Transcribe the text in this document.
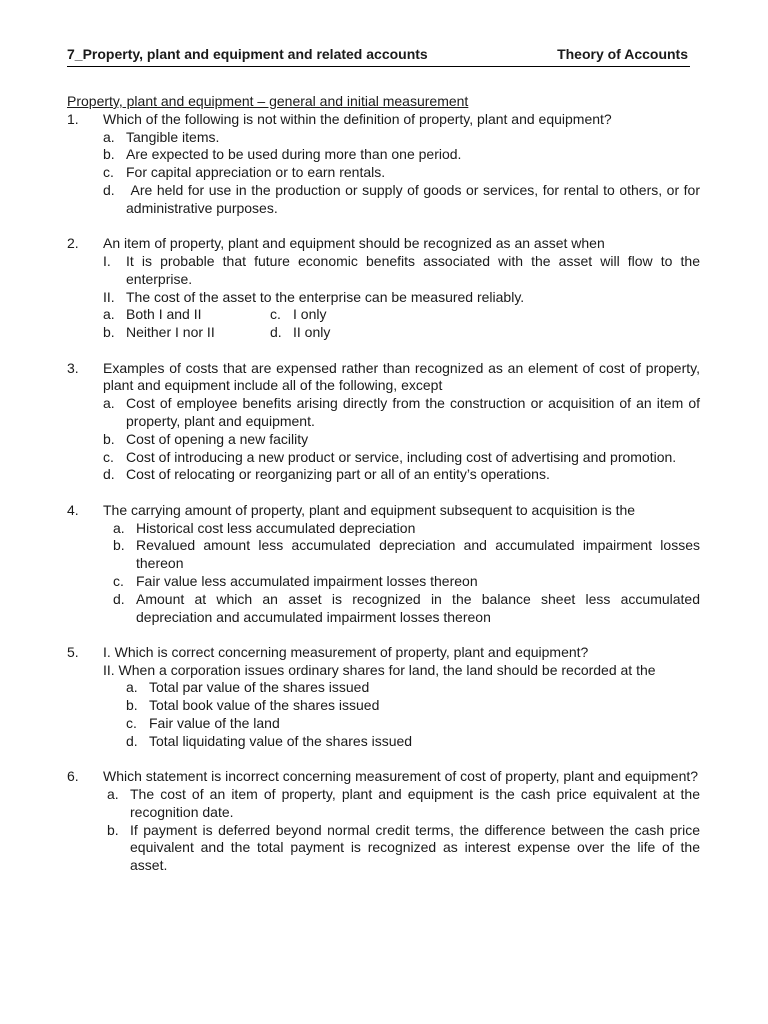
7_Property, plant and equipment and related accounts	Theory of Accounts
Property, plant and equipment – general and initial measurement
1.	Which of the following is not within the definition of property, plant and equipment?
a. Tangible items.
b. Are expected to be used during more than one period.
c. For capital appreciation or to earn rentals.
d. Are held for use in the production or supply of goods or services, for rental to others, or for administrative purposes.
2.	An item of property, plant and equipment should be recognized as an asset when
I.	It is probable that future economic benefits associated with the asset will flow to the enterprise.
II. The cost of the asset to the enterprise can be measured reliably.
a. Both I and II	c. I only
b. Neither I nor II	d. II only
3.	Examples of costs that are expensed rather than recognized as an element of cost of property, plant and equipment include all of the following, except
a. Cost of employee benefits arising directly from the construction or acquisition of an item of property, plant and equipment.
b. Cost of opening a new facility
c. Cost of introducing a new product or service, including cost of advertising and promotion.
d. Cost of relocating or reorganizing part or all of an entity’s operations.
4.	The carrying amount of property, plant and equipment subsequent to acquisition is the
a. Historical cost less accumulated depreciation
b. Revalued amount less accumulated depreciation and accumulated impairment losses thereon
c. Fair value less accumulated impairment losses thereon
d. Amount at which an asset is recognized in the balance sheet less accumulated depreciation and accumulated impairment losses thereon
5.	I. Which is correct concerning measurement of property, plant and equipment?
II. When a corporation issues ordinary shares for land, the land should be recorded at the
a. Total par value of the shares issued
b. Total book value of the shares issued
c. Fair value of the land
d. Total liquidating value of the shares issued
6.	Which statement is incorrect concerning measurement of cost of property, plant and equipment?
a. The cost of an item of property, plant and equipment is the cash price equivalent at the recognition date.
b. If payment is deferred beyond normal credit terms, the difference between the cash price equivalent and the total payment is recognized as interest expense over the life of the asset.
